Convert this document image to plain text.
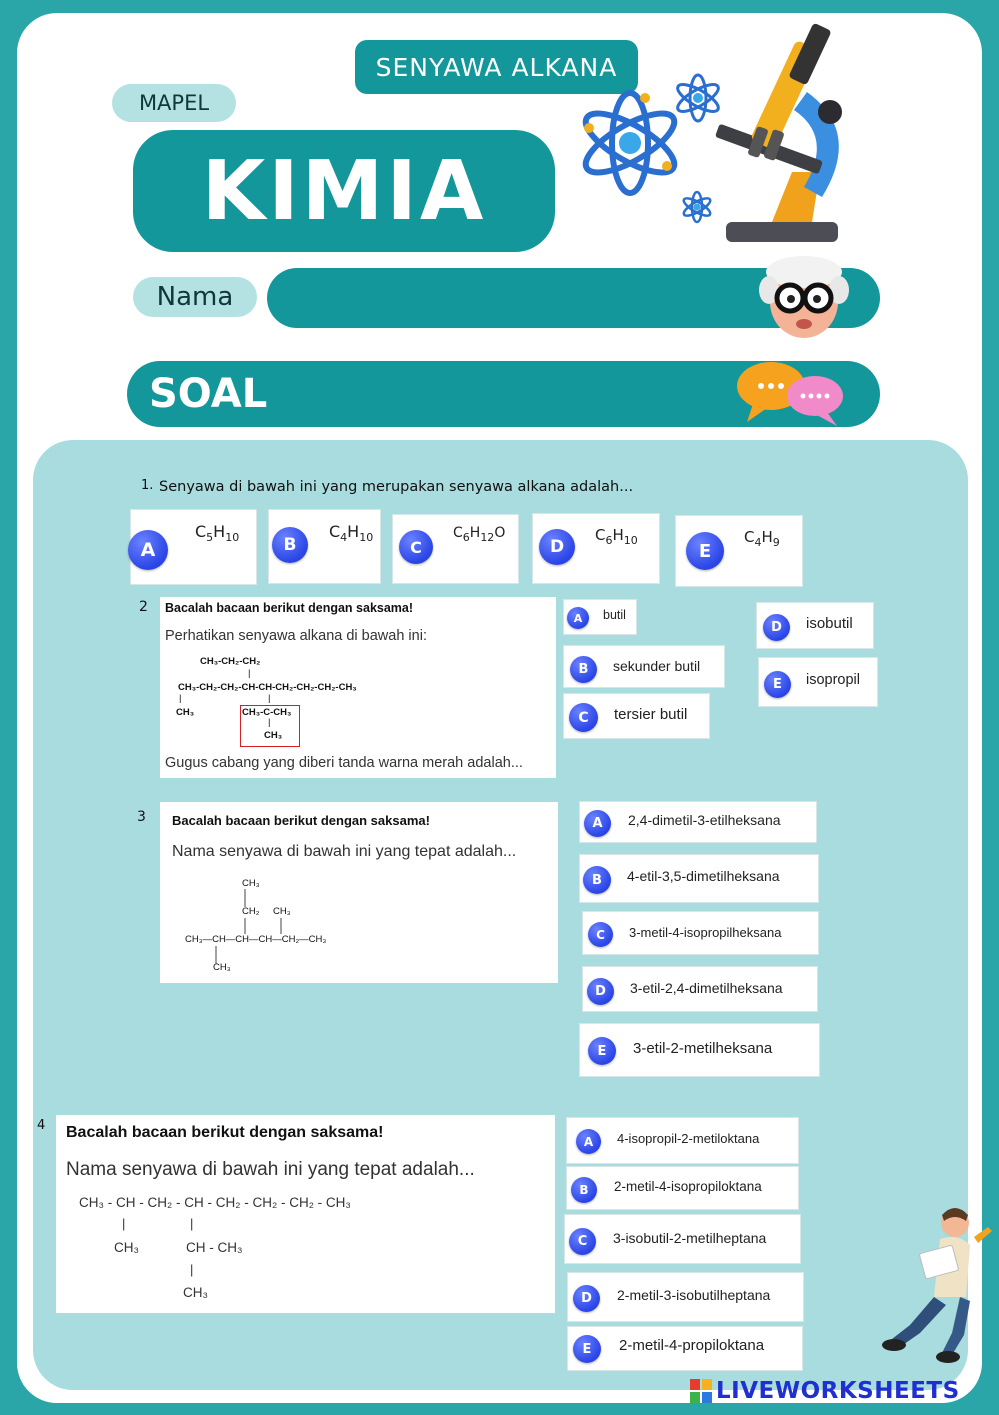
SENYAWA ALKANA
MAPEL
KIMIA
Nama
SOAL
1. Senyawa di bawah ini yang merupakan senyawa alkana adalah...
A
$C_5H_{10}$	B
$C_4H_{10}$	C
$C_6H_{12}O$
D
$C_6H_{10}$	E
$C_4H_9$
2 Bacalah bacaan berikut dengan saksama!
Perhatikan senyawa alkana di bawah ini:
CH₃-CH₂-CH₂
|
CH₃-CH₂-CH₂-CH-CH-CH₂-CH₂-CH₂-CH₃
|	|
CH₃	CH₃-C-CH₃
|
CH₃
Gugus cabang yang diberi tanda warna merah adalah...
A	butil
B	sekunder butil
C	tersier butil
D	isobutil
E	isopropil
3 Bacalah bacaan berikut dengan saksama!
Nama senyawa di bawah ini yang tepat adalah...
CH₃
CH₂ CH₃
CH₃—CH—CH—CH—CH₂—CH₃
CH₃
A	2,4-dimetil-3-etilheksana
B	4-etil-3,5-dimetilheksana
C	3-metil-4-isopropilheksana
D	3-etil-2,4-dimetilheksana
E	3-etil-2-metilheksana
4 Bacalah bacaan berikut dengan saksama!
Nama senyawa di bawah ini yang tepat adalah...
CH₃ - CH - CH₂ - CH - CH₂ - CH₂ - CH₂ - CH₃
|	|
CH₃	CH - CH₃
|
CH₃
A	4-isopropil-2-metiloktana
B	2-metil-4-isopropiloktana
C	3-isobutil-2-metilheptana
D	2-metil-3-isobutilheptana
E	2-metil-4-propiloktana
LIVEWORKSHEETS
